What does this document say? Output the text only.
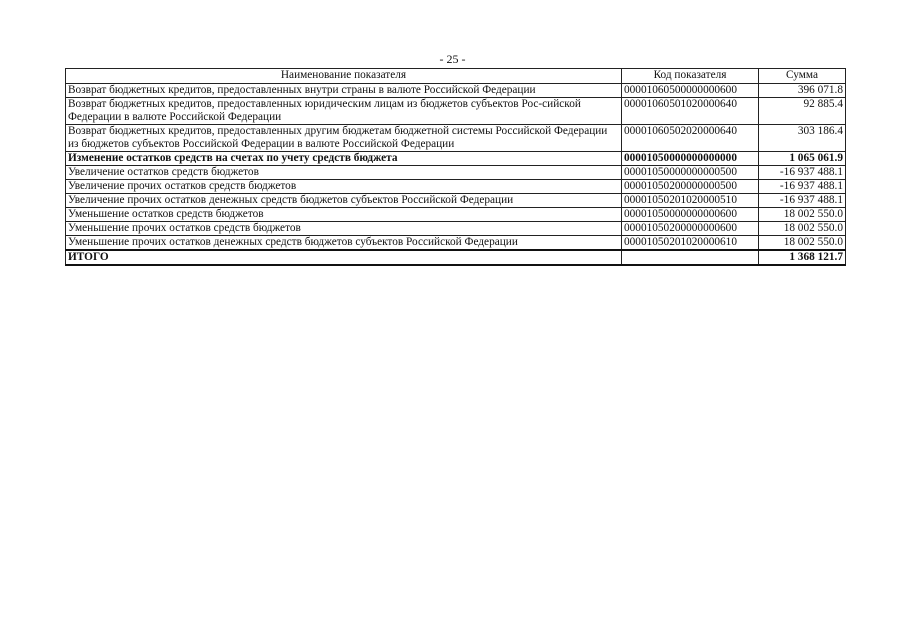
- 25 -
Наименование показателя	Код показателя	Сумма
Возврат бюджетных кредитов, предоставленных внутри страны в валюте Российской Федерации	00001060500000000600	396 071.8
Возврат бюджетных кредитов, предоставленных юридическим лицам из бюджетов субъектов Рос-сийской Федерации в валюте Российской Федерации	00001060501020000640	92 885.4
Возврат бюджетных кредитов, предоставленных другим бюджетам бюджетной системы Российской Федерации из бюджетов субъектов Российской Федерации в валюте Российской Федерации	00001060502020000640	303 186.4
Изменение остатков средств на счетах по учету средств бюджета	00001050000000000000	1 065 061.9
Увеличение остатков средств бюджетов	00001050000000000500	-16 937 488.1
Увеличение прочих остатков средств бюджетов	00001050200000000500	-16 937 488.1
Увеличение прочих остатков денежных средств бюджетов субъектов Российской Федерации	00001050201020000510	-16 937 488.1
Уменьшение остатков средств бюджетов	00001050000000000600	18 002 550.0
Уменьшение прочих остатков средств бюджетов	00001050200000000600	18 002 550.0
Уменьшение прочих остатков денежных средств бюджетов субъектов Российской Федерации	00001050201020000610	18 002 550.0
ИТОГО		1 368 121.7
